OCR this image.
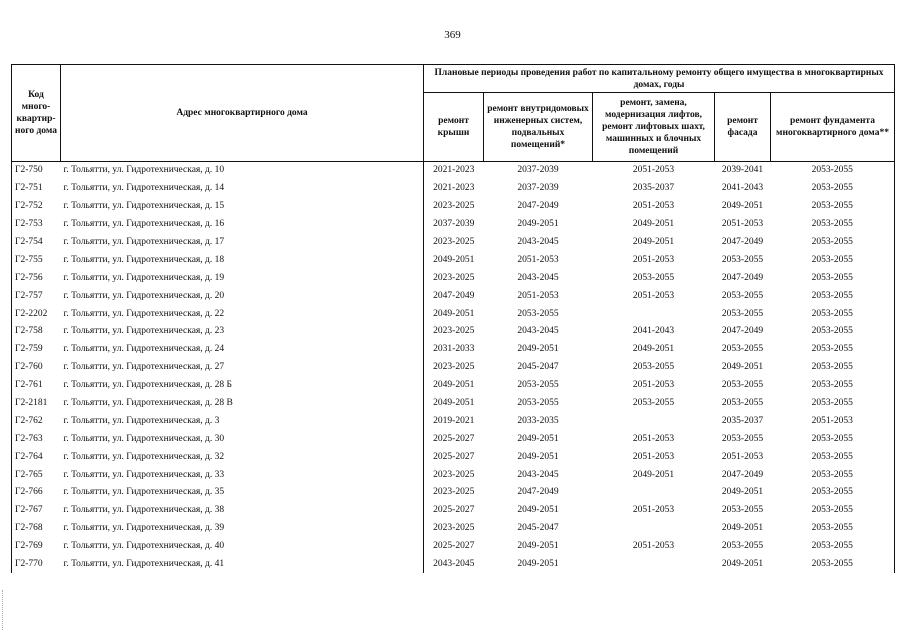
369
Код много-квартир-ного дома	Адрес многоквартирного дома	Плановые периоды проведения работ по капитальному ремонту общего имущества в многоквартирных домах, годы				
		ремонт крыши	ремонт внутридомовых инженерных систем, подвальных помещений*	ремонт, замена, модернизация лифтов, ремонт лифтовых шахт, машинных и блочных помещений	ремонт фасада	ремонт фундамента многоквартирного дома**
Г2-750	г. Тольятти, ул. Гидротехническая, д. 10	2021-2023	2037-2039	2051-2053	2039-2041	2053-2055
Г2-751	г. Тольятти, ул. Гидротехническая, д. 14	2021-2023	2037-2039	2035-2037	2041-2043	2053-2055
Г2-752	г. Тольятти, ул. Гидротехническая, д. 15	2023-2025	2047-2049	2051-2053	2049-2051	2053-2055
Г2-753	г. Тольятти, ул. Гидротехническая, д. 16	2037-2039	2049-2051	2049-2051	2051-2053	2053-2055
Г2-754	г. Тольятти, ул. Гидротехническая, д. 17	2023-2025	2043-2045	2049-2051	2047-2049	2053-2055
Г2-755	г. Тольятти, ул. Гидротехническая, д. 18	2049-2051	2051-2053	2051-2053	2053-2055	2053-2055
Г2-756	г. Тольятти, ул. Гидротехническая, д. 19	2023-2025	2043-2045	2053-2055	2047-2049	2053-2055
Г2-757	г. Тольятти, ул. Гидротехническая, д. 20	2047-2049	2051-2053	2051-2053	2053-2055	2053-2055
Г2-2202	г. Тольятти, ул. Гидротехническая, д. 22	2049-2051	2053-2055		2053-2055	2053-2055
Г2-758	г. Тольятти, ул. Гидротехническая, д. 23	2023-2025	2043-2045	2041-2043	2047-2049	2053-2055
Г2-759	г. Тольятти, ул. Гидротехническая, д. 24	2031-2033	2049-2051	2049-2051	2053-2055	2053-2055
Г2-760	г. Тольятти, ул. Гидротехническая, д. 27	2023-2025	2045-2047	2053-2055	2049-2051	2053-2055
Г2-761	г. Тольятти, ул. Гидротехническая, д. 28 Б	2049-2051	2053-2055	2051-2053	2053-2055	2053-2055
Г2-2181	г. Тольятти, ул. Гидротехническая, д. 28 В	2049-2051	2053-2055	2053-2055	2053-2055	2053-2055
Г2-762	г. Тольятти, ул. Гидротехническая, д. 3	2019-2021	2033-2035		2035-2037	2051-2053
Г2-763	г. Тольятти, ул. Гидротехническая, д. 30	2025-2027	2049-2051	2051-2053	2053-2055	2053-2055
Г2-764	г. Тольятти, ул. Гидротехническая, д. 32	2025-2027	2049-2051	2051-2053	2051-2053	2053-2055
Г2-765	г. Тольятти, ул. Гидротехническая, д. 33	2023-2025	2043-2045	2049-2051	2047-2049	2053-2055
Г2-766	г. Тольятти, ул. Гидротехническая, д. 35	2023-2025	2047-2049		2049-2051	2053-2055
Г2-767	г. Тольятти, ул. Гидротехническая, д. 38	2025-2027	2049-2051	2051-2053	2053-2055	2053-2055
Г2-768	г. Тольятти, ул. Гидротехническая, д. 39	2023-2025	2045-2047		2049-2051	2053-2055
Г2-769	г. Тольятти, ул. Гидротехническая, д. 40	2025-2027	2049-2051	2051-2053	2053-2055	2053-2055
Г2-770	г. Тольятти, ул. Гидротехническая, д. 41	2043-2045	2049-2051		2049-2051	2053-2055
